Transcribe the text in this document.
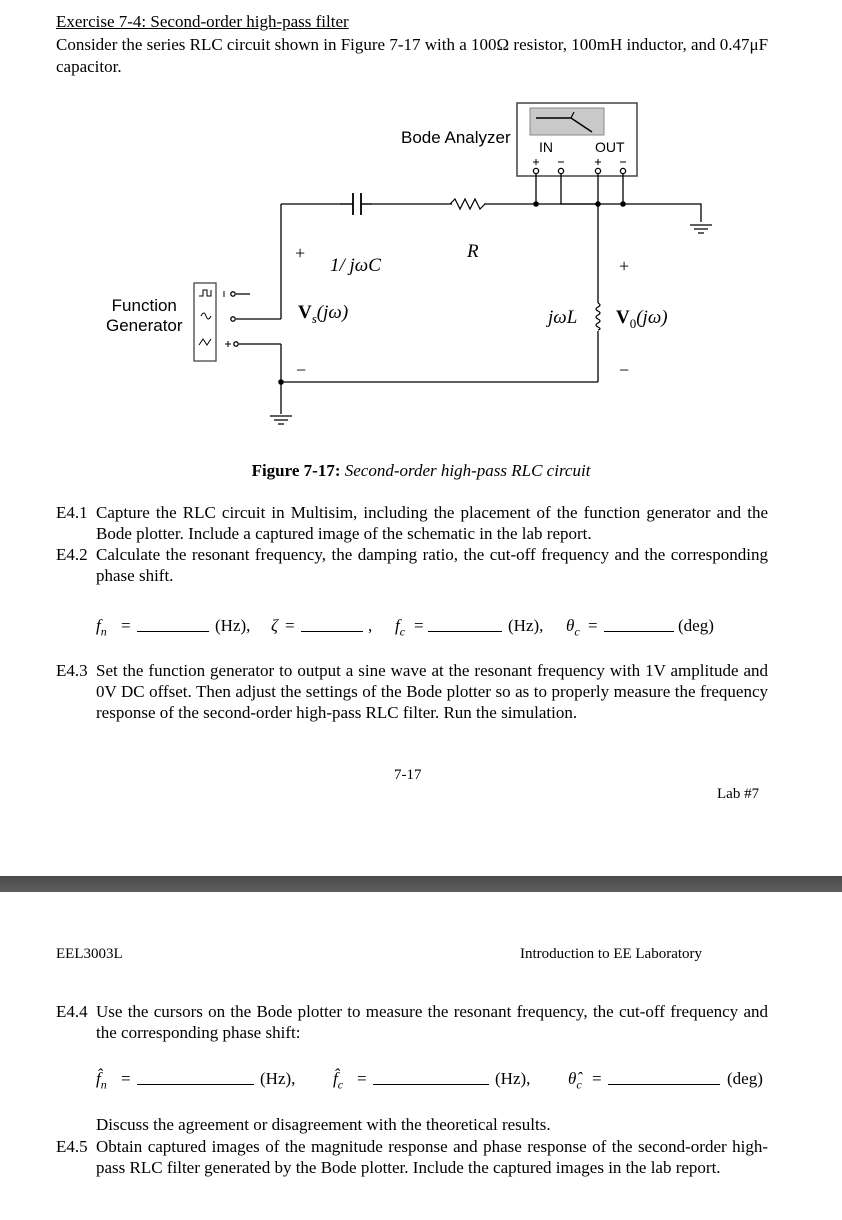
Exercise 7-4: Second-order high-pass filter
Consider the series RLC circuit shown in Figure 7-17 with a 100Ω resistor, 100mH inductor, and 0.47μF capacitor.
Bode Analyzer IN	OUT
Function
Generator
+
1/ jωC
R
+
$V_s(j\omega)$	jωL $V_0(j\omega)$
−	−
Figure 7-17: Second-order high-pass RLC circuit
E4.1 Capture the RLC circuit in Multisim, including the placement of the function generator and the Bode plotter. Include a captured image of the schematic in the lab report.
E4.2 Calculate the resonant frequency, the damping ratio, the cut-off frequency and the corresponding phase shift.
$f_n$ =	(Hz), ζ =	, $f_c$ =	(Hz), $\theta_c$ =	(deg)
E4.3 Set the function generator to output a sine wave at the resonant frequency with 1V amplitude and 0V DC offset. Then adjust the settings of the Bode plotter so as to properly measure the frequency response of the second-order high-pass RLC filter. Run the simulation.
7-17
Lab #7
EEL3003L	Introduction to EE Laboratory
E4.4 Use the cursors on the Bode plotter to measure the resonant frequency, the cut-off frequency and the corresponding phase shift:
$f̂_n$ =	(Hz), $f̂_c$ =	(Hz), $\thetâ_c$ =	(deg)
Discuss the agreement or disagreement with the theoretical results.
E4.5 Obtain captured images of the magnitude response and phase response of the second-order high-pass RLC filter generated by the Bode plotter. Include the captured images in the lab report.
